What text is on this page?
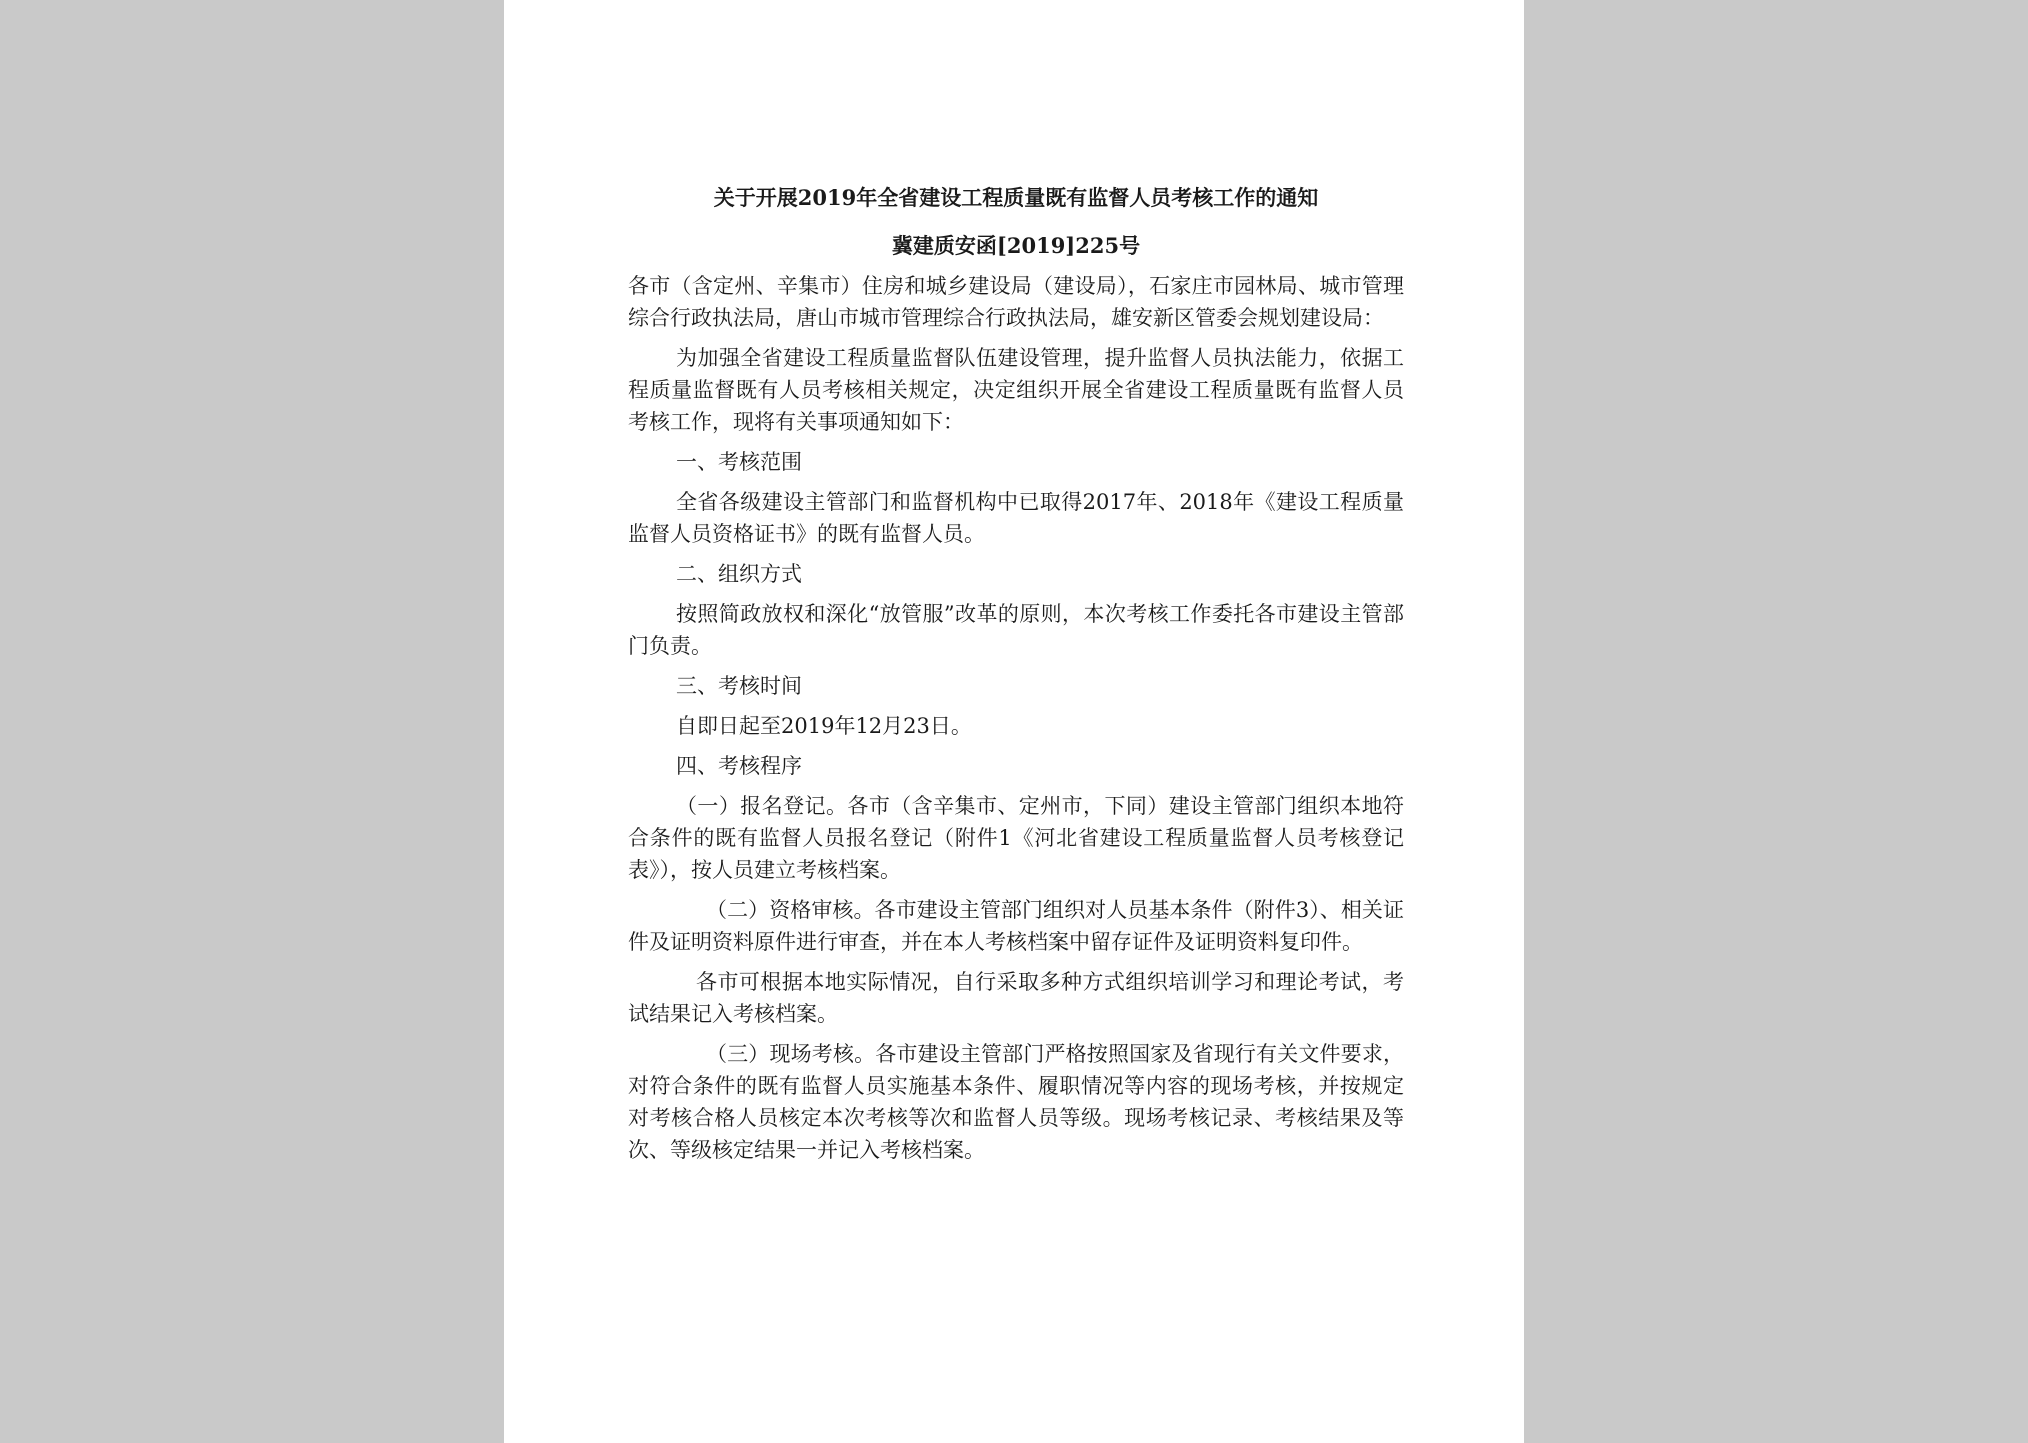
关于开展2019年全省建设工程质量既有监督人员考核工作的通知

冀建质安函[2019]225号

各市（含定州、辛集市）住房和城乡建设局（建设局），石家庄市园林局、城市管理综合行政执法局，唐山市城市管理综合行政执法局，雄安新区管委会规划建设局：

为加强全省建设工程质量监督队伍建设管理，提升监督人员执法能力，依据工程质量监督既有人员考核相关规定，决定组织开展全省建设工程质量既有监督人员考核工作，现将有关事项通知如下：

一、考核范围

全省各级建设主管部门和监督机构中已取得2017年、2018年《建设工程质量监督人员资格证书》的既有监督人员。

二、组织方式

按照简政放权和深化“放管服”改革的原则，本次考核工作委托各市建设主管部门负责。

三、考核时间

自即日起至2019年12月23日。

四、考核程序

（一）报名登记。各市（含辛集市、定州市，下同）建设主管部门组织本地符合条件的既有监督人员报名登记（附件1《河北省建设工程质量监督人员考核登记表》），按人员建立考核档案。

（二）资格审核。各市建设主管部门组织对人员基本条件（附件3）、相关证件及证明资料原件进行审查，并在本人考核档案中留存证件及证明资料复印件。

各市可根据本地实际情况，自行采取多种方式组织培训学习和理论考试，考试结果记入考核档案。

（三）现场考核。各市建设主管部门严格按照国家及省现行有关文件要求，对符合条件的既有监督人员实施基本条件、履职情况等内容的现场考核，并按规定对考核合格人员核定本次考核等次和监督人员等级。现场考核记录、考核结果及等次、等级核定结果一并记入考核档案。
